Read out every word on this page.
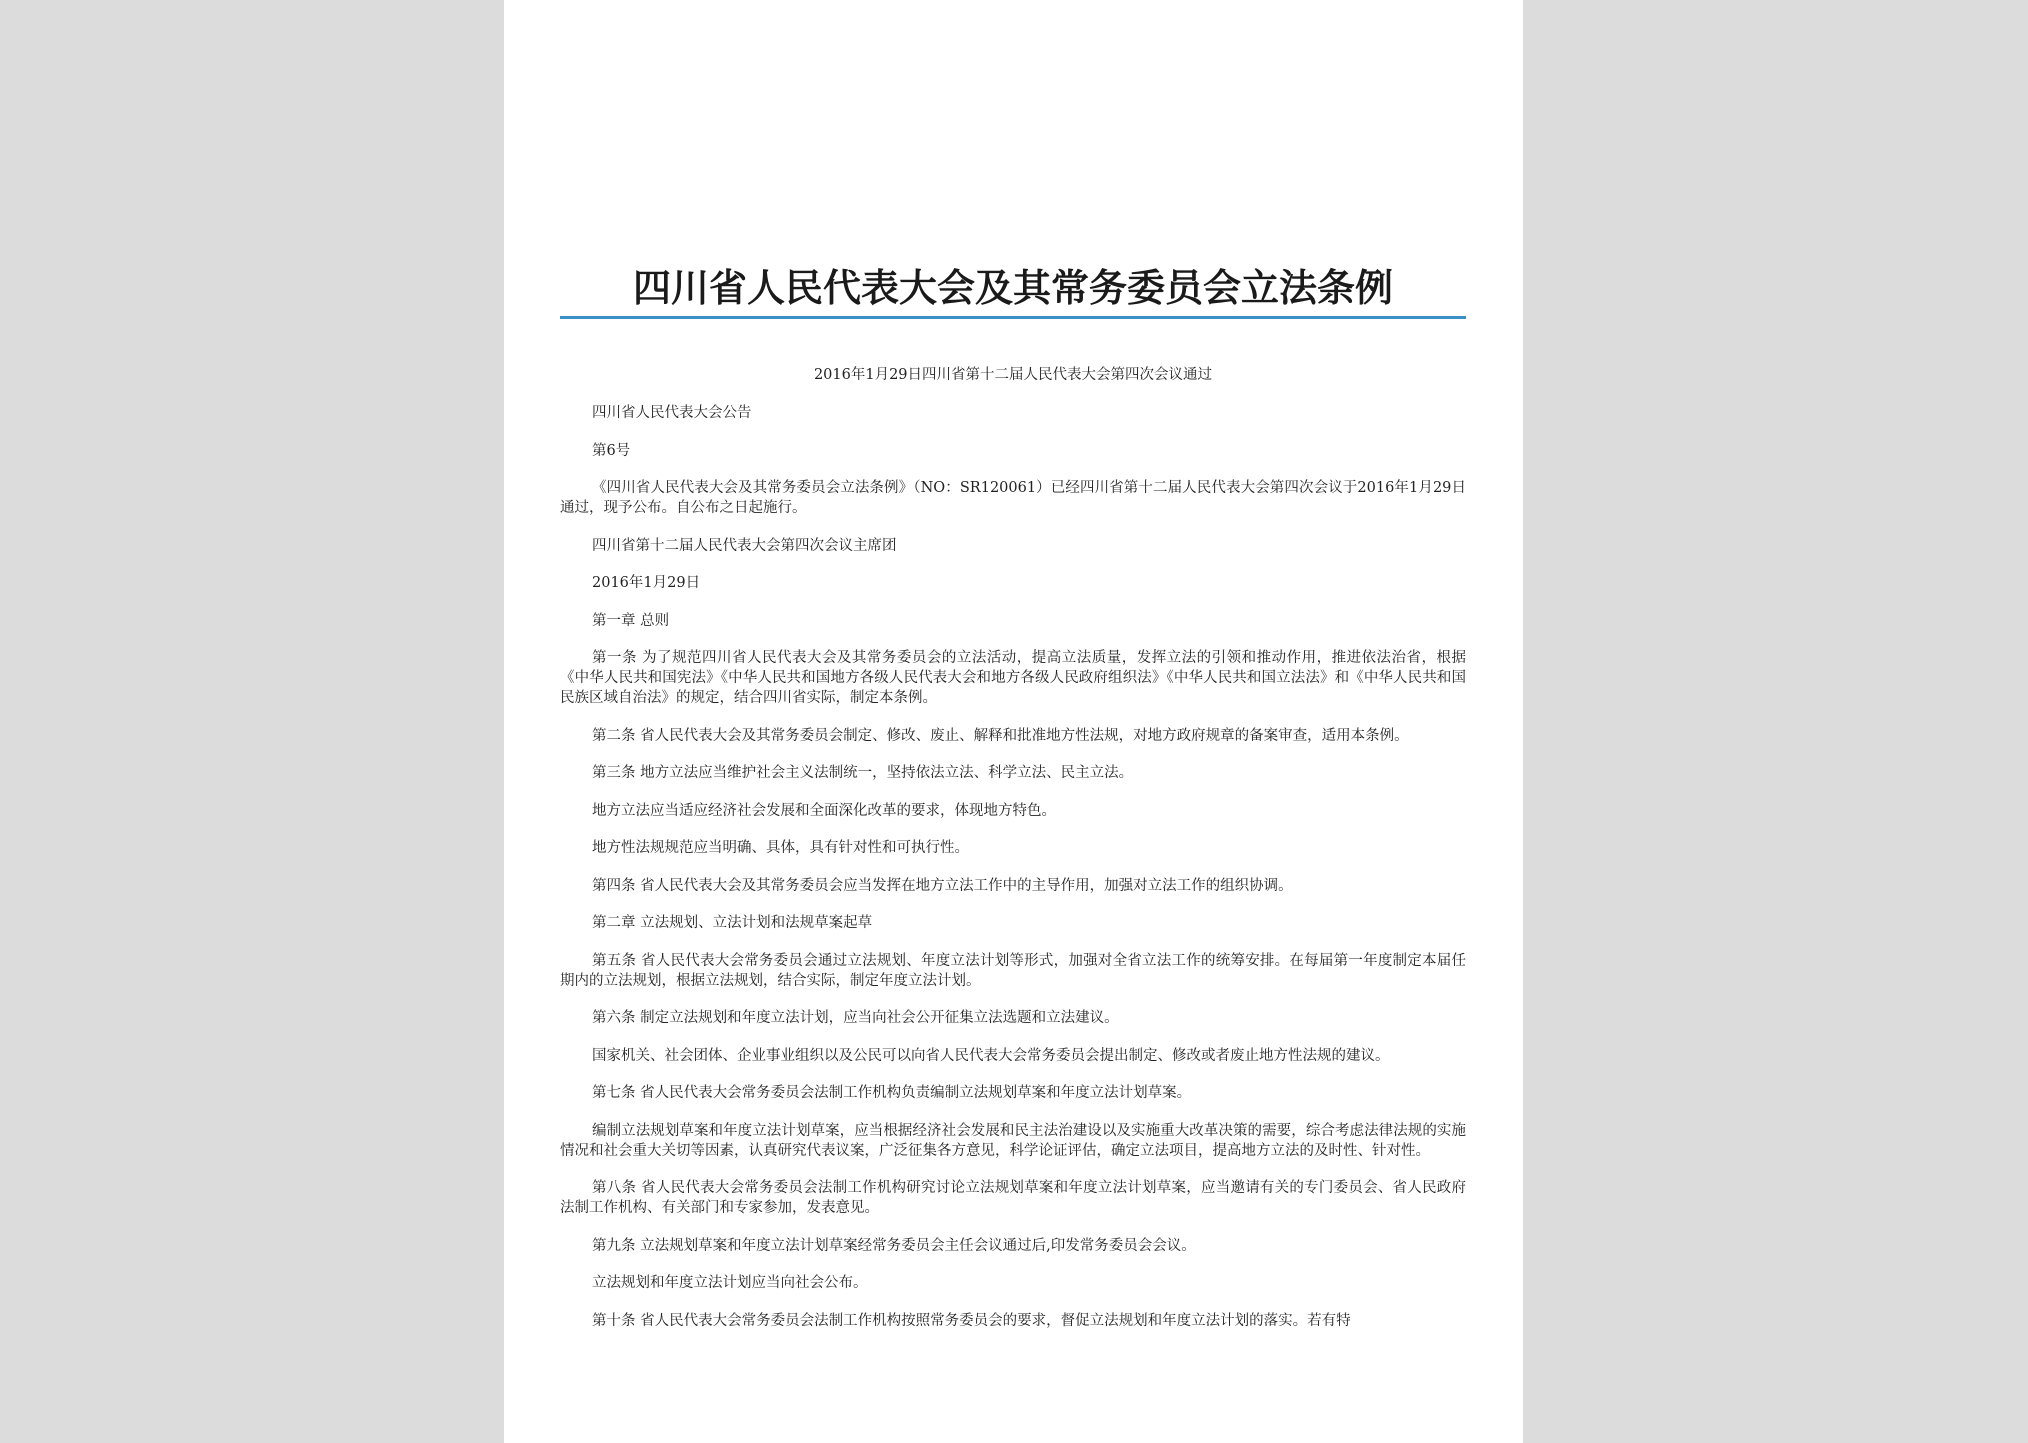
四川省人民代表大会及其常务委员会立法条例
2016年1月29日四川省第十二届人民代表大会第四次会议通过

四川省人民代表大会公告

第6号

《四川省人民代表大会及其常务委员会立法条例》（NO：SR120061）已经四川省第十二届人民代表大会第四次会议于2016年1月29日通过，现予公布。自公布之日起施行。

四川省第十二届人民代表大会第四次会议主席团

2016年1月29日

第一章 总则

第一条 为了规范四川省人民代表大会及其常务委员会的立法活动，提高立法质量，发挥立法的引领和推动作用，推进依法治省，根据《中华人民共和国宪法》《中华人民共和国地方各级人民代表大会和地方各级人民政府组织法》《中华人民共和国立法法》和《中华人民共和国民族区域自治法》的规定，结合四川省实际，制定本条例。

第二条 省人民代表大会及其常务委员会制定、修改、废止、解释和批准地方性法规，对地方政府规章的备案审查，适用本条例。

第三条 地方立法应当维护社会主义法制统一，坚持依法立法、科学立法、民主立法。

地方立法应当适应经济社会发展和全面深化改革的要求，体现地方特色。

地方性法规规范应当明确、具体，具有针对性和可执行性。

第四条 省人民代表大会及其常务委员会应当发挥在地方立法工作中的主导作用，加强对立法工作的组织协调。

第二章 立法规划、立法计划和法规草案起草

第五条 省人民代表大会常务委员会通过立法规划、年度立法计划等形式，加强对全省立法工作的统筹安排。在每届第一年度制定本届任期内的立法规划，根据立法规划，结合实际，制定年度立法计划。

第六条 制定立法规划和年度立法计划，应当向社会公开征集立法选题和立法建议。

国家机关、社会团体、企业事业组织以及公民可以向省人民代表大会常务委员会提出制定、修改或者废止地方性法规的建议。

第七条 省人民代表大会常务委员会法制工作机构负责编制立法规划草案和年度立法计划草案。

编制立法规划草案和年度立法计划草案，应当根据经济社会发展和民主法治建设以及实施重大改革决策的需要，综合考虑法律法规的实施情况和社会重大关切等因素，认真研究代表议案，广泛征集各方意见，科学论证评估，确定立法项目，提高地方立法的及时性、针对性。

第八条 省人民代表大会常务委员会法制工作机构研究讨论立法规划草案和年度立法计划草案，应当邀请有关的专门委员会、省人民政府法制工作机构、有关部门和专家参加，发表意见。

第九条 立法规划草案和年度立法计划草案经常务委员会主任会议通过后,印发常务委员会会议。

立法规划和年度立法计划应当向社会公布。

第十条 省人民代表大会常务委员会法制工作机构按照常务委员会的要求，督促立法规划和年度立法计划的落实。若有特
